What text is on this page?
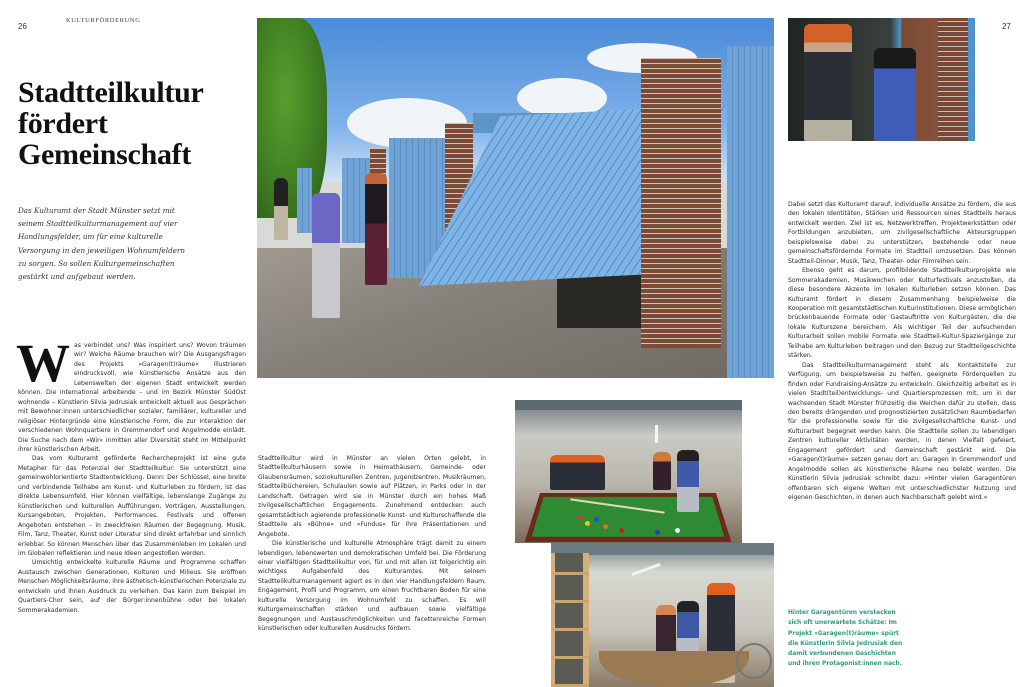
26
KULTURFÖRDERUNG
27
Stadtteilkultur
fördert
Gemeinschaft

Das Kulturamt der Stadt Münster setzt mit seinem Stadtteilkulturmanagement auf vier Handlungsfelder, um für eine kulturelle Versorgung in den jeweiligen Wohnumfeldern zu sorgen. So sollen Kulturgemeinschaften gestärkt und aufgebaut werden.

Was verbindet uns? Was inspiriert uns? Wovon träumen wir? Welche Räume brauchen wir? Die Ausgangsfragen des Projekts »Garagen(t)räume« illustrieren eindrucksvoll, wie künstlerische Ansätze aus den Lebenswelten der eigenen Stadt entwickelt werden können. Die international arbeitende – und im Bezirk Münster SüdOst wohnende – Künstlerin Silvia Jedrusiak entwickelt aktuell aus Gesprächen mit Bewohner:innen unterschiedlicher sozialer, familiärer, kultureller und religiöser Hintergründe eine künstlerische Form, die zur Interaktion der verschiedenen Wohnquartiere in Gremmendorf und Angelmodde einlädt. Die Suche nach dem »Wir« inmitten aller Diversität steht im Mittelpunkt ihrer künstlerischen Arbeit.

Das vom Kulturamt geförderte Rechercheprojekt ist eine gute Metapher für das Potenzial der Stadtteilkultur: Sie unterstützt eine gemeinwohlorientierte Stadtentwicklung. Denn: Der Schlüssel, eine breite und verbindende Teilhabe am Kunst- und Kulturleben zu fördern, ist das direkte Lebensumfeld. Hier können vielfältige, lebenslange Zugänge zu künstlerischen und kulturellen Aufführungen, Vorträgen, Ausstellungen, Kursangeboten, Projekten, Performances, Festivals und offenen Angeboten entstehen – in zweckfreien Räumen der Begegnung. Musik, Film, Tanz, Theater, Kunst oder Literatur sind direkt erfahrbar und sinnlich erlebbar. So können Menschen über das Zusammenleben im Lokalen und im Globalen reflektieren und neue Ideen angestoßen werden.

Umsichtig entwickelte kulturelle Räume und Programme schaffen Austausch zwischen Generationen, Kulturen und Milieus. Sie eröffnen Menschen Möglichkeitsräume, ihre ästhetisch-künstlerischen Potenziale zu entwickeln und ihnen Ausdruck zu verleihen. Das kann zum Beispiel im Quartiers-Chor sein, auf der Bürger:innenbühne oder bei lokalen Sommerakademien.

Stadtteilkultur wird in Münster an vielen Orten gelebt, in Stadtteilkulturhäusern sowie in Heimathäusern, Gemeinde- oder Glaubensräumen, soziokulturellen Zentren, Jugendzentren, Musikräumen, Stadtteilbüchereien, Schulaulen sowie auf Plätzen, in Parks oder in der Landschaft. Getragen wird sie in Münster durch ein hohes Maß zivilgesellschaftlichen Engagements. Zunehmend entdecken auch gesamtstädtisch agierende professionelle Kunst- und Kulturschaffende die Stadtteile als »Bühne« und »Fundus« für ihre Präsentationen und Angebote.

Die künstlerische und kulturelle Atmosphäre trägt damit zu einem lebendigen, lebenswerten und demokratischen Umfeld bei. Die Förderung einer vielfältigen Stadtteilkultur von, für und mit allen ist folgerichtig ein wichtiges Aufgabenfeld des Kulturamtes. Mit seinem Stadtteilkulturmanagement agiert es in den vier Handlungsfeldern Raum, Engagement, Profil und Programm, um einen fruchtbaren Boden für eine kulturelle Versorgung im Wohnumfeld zu schaffen. Es will Kulturgemeinschaften stärken und aufbauen sowie vielfältige Begegnungen und Austauschmöglichkeiten und facettenreiche Formen künstlerischen oder kulturellen Ausdrucks fördern.

Dabei setzt das Kulturamt darauf, individuelle Ansätze zu fördern, die aus den lokalen Identitäten, Stärken und Ressourcen eines Stadtteils heraus entwickelt werden. Ziel ist es, Netzwerktreffen, Projektwerkstätten oder Fortbildungen anzubieten, um zivilgesellschaftliche Akteursgruppen beispielsweise dabei zu unterstützen, bestehende oder neue gemeinschaftsfördernde Formate im Stadtteil umzusetzen. Das können Stadtteil-Dinner, Musik, Tanz, Theater- oder Filmreihen sein.

Ebenso geht es darum, profilbildende Stadtteilkulturprojekte wie Sommerakademien, Musikwochen oder Kulturfestivals anzustoßen, da diese besondere Akzente im lokalen Kulturleben setzen können. Das Kulturamt fördert in diesem Zusammenhang beispielweise die Kooperation mit gesamtstädtischen Kulturinstitutionen. Diese ermöglichen brückenbauende Formate oder Gastauftritte von Kulturgästen, die die lokale Kulturszene bereichern. Als wichtiger Teil der aufsuchenden Kulturarbeit sollen mobile Formate wie Stadtteil-Kultur-Spaziergänge zur Teilhabe am Kulturleben beitragen und den Bezug zur Stadtteilgeschichte stärken.

Das Stadtteilkulturmanagement steht als Kontaktstelle zur Verfügung, um beispielsweise zu helfen, geeignete Förderquellen zu finden oder Fundraising-Ansätze zu entwickeln. Gleichzeitig arbeitet es in vielen Stadt(teil)entwicklungs- und Quartiersprozessen mit, um in der wachsenden Stadt Münster frühzeitig die Weichen dafür zu stellen, dass den bereits drängenden und prognostizierten zusätzlichen Raumbedarfen für die professionelle sowie für die zivilgesellschaftliche Kunst- und Kulturarbeit begegnet werden kann. Die Stadtteile sollen zu lebendigen Zentren kultureller Aktivitäten werden, in denen Vielfalt gefeiert, Engagement gefördert und Gemeinschaft gestärkt wird. Die »Garagen(t)räume« setzen genau dort an: Garagen in Gremmendorf und Angelmodde sollen als künstlerische Räume neu belebt werden. Die Künstlerin Silvia Jedrusiak schreibt dazu: »Hinter vielen Garagentüren offenbaren sich eigene Welten mit unterschiedlichster Nutzung und eigenen Geschichten, in denen auch Nachbarschaft gelebt wird.«

Hinter Garagentüren verstecken sich oft unerwartete Schätze: Im Projekt »Garagen(t)räume« spürt die Künstlerin Silvia Jedrusiak den damit verbundenen Geschichten und ihren Protagonist:innen nach.
